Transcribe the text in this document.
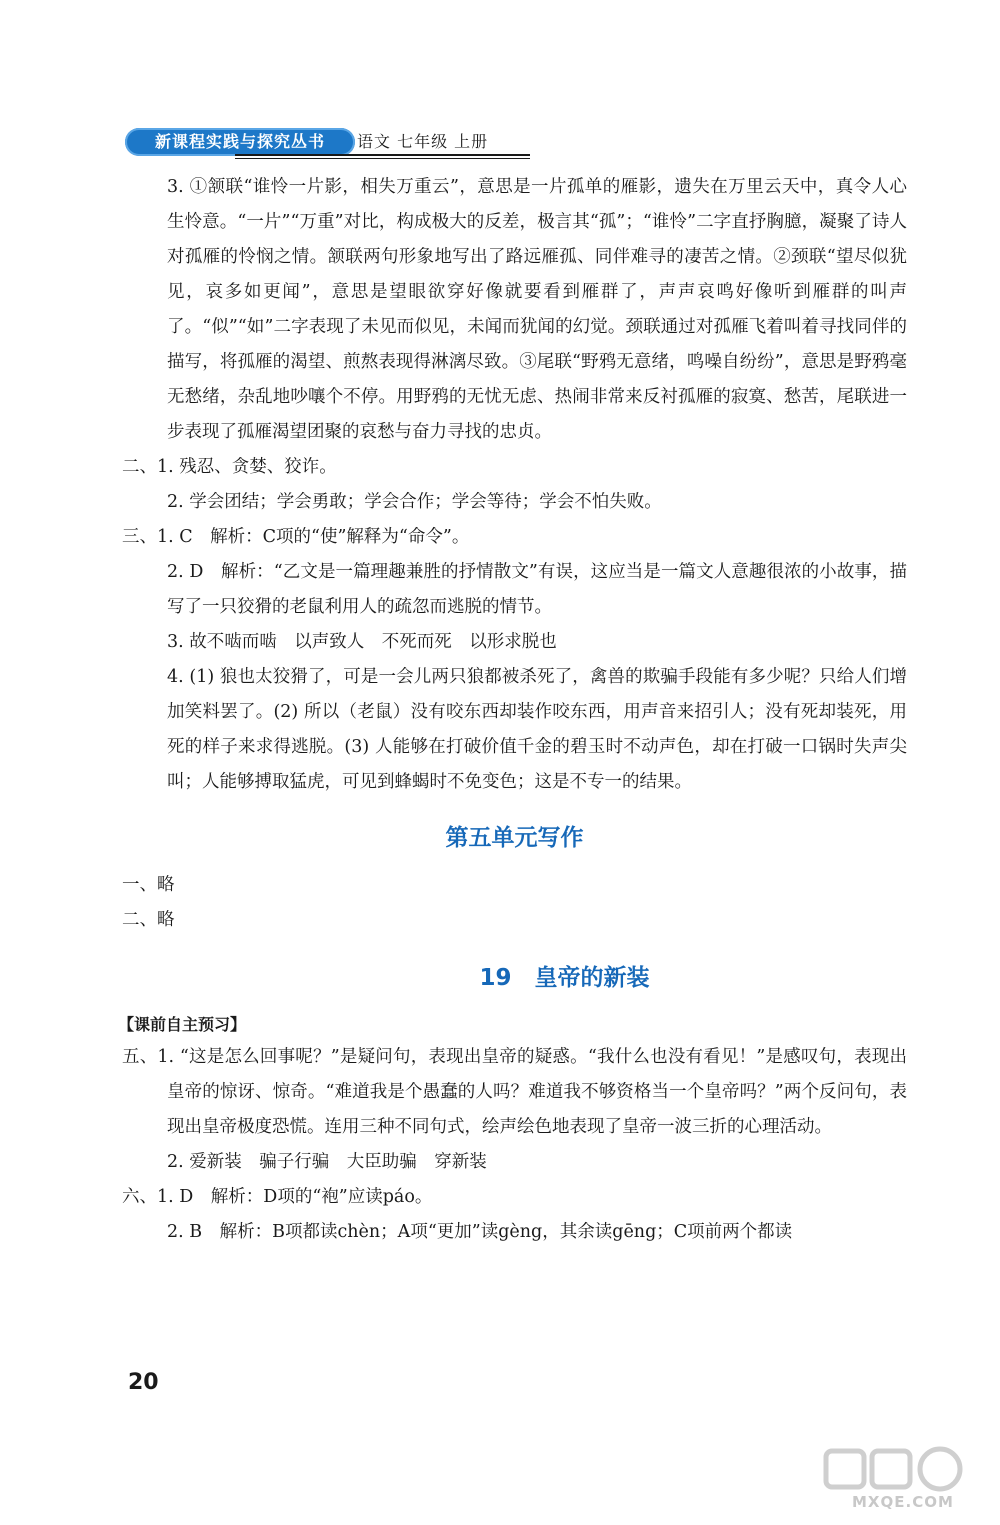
新课程实践与探究丛书	语文 七年级 上册
3. ①颔联“谁怜一片影，相失万重云”，意思是一片孤单的雁影，遗失在万里云天中，真令人心生怜意。“一片”“万重”对比，构成极大的反差，极言其“孤”；“谁怜”二字直抒胸臆，凝聚了诗人对孤雁的怜悯之情。颔联两句形象地写出了路远雁孤、同伴难寻的凄苦之情。②颈联“望尽似犹见，哀多如更闻”，意思是望眼欲穿好像就要看到雁群了，声声哀鸣好像听到雁群的叫声了。“似”“如”二字表现了未见而似见，未闻而犹闻的幻觉。颈联通过对孤雁飞着叫着寻找同伴的描写，将孤雁的渴望、煎熬表现得淋漓尽致。③尾联“野鸦无意绪，鸣噪自纷纷”，意思是野鸦毫无愁绪，杂乱地吵嚷个不停。用野鸦的无忧无虑、热闹非常来反衬孤雁的寂寞、愁苦，尾联进一步表现了孤雁渴望团聚的哀愁与奋力寻找的忠贞。
二、1. 残忍、贪婪、狡诈。
2. 学会团结；学会勇敢；学会合作；学会等待；学会不怕失败。
三、1. C　解析：C项的“使”解释为“命令”。
2. D　解析：“乙文是一篇理趣兼胜的抒情散文”有误，这应当是一篇文人意趣很浓的小故事，描写了一只狡猾的老鼠利用人的疏忽而逃脱的情节。
3. 故不啮而啮　以声致人　不死而死　以形求脱也
4. (1) 狼也太狡猾了，可是一会儿两只狼都被杀死了，禽兽的欺骗手段能有多少呢？只给人们增加笑料罢了。(2) 所以（老鼠）没有咬东西却装作咬东西，用声音来招引人；没有死却装死，用死的样子来求得逃脱。(3) 人能够在打破价值千金的碧玉时不动声色，却在打破一口锅时失声尖叫；人能够搏取猛虎，可见到蜂蝎时不免变色；这是不专一的结果。
第五单元写作
一、略
二、略
19　皇帝的新装
【课前自主预习】
五、1. “这是怎么回事呢？”是疑问句，表现出皇帝的疑惑。“我什么也没有看见！”是感叹句，表现出皇帝的惊讶、惊奇。“难道我是个愚蠢的人吗？难道我不够资格当一个皇帝吗？”两个反问句，表现出皇帝极度恐慌。连用三种不同句式，绘声绘色地表现了皇帝一波三折的心理活动。
2. 爱新装　骗子行骗　大臣助骗　穿新装
六、1. D　解析：D项的“袍”应读páo。
2. B　解析：B项都读chèn；A项“更加”读gèng，其余读gēng；C项前两个都读
20
MXQE.COM
